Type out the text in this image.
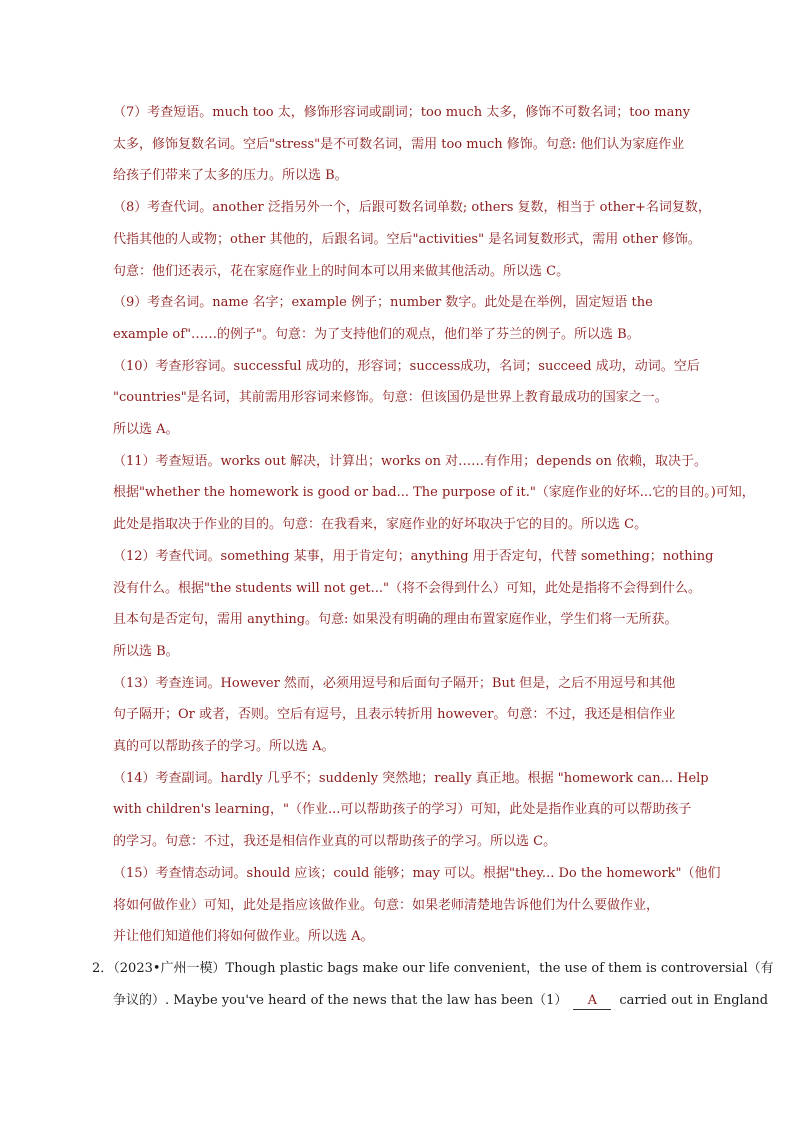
（7）考查短语。much too 太，修饰形容词或副词；too much 太多，修饰不可数名词；too many
太多，修饰复数名词。空后"stress"是不可数名词，需用 too much 修饰。句意: 他们认为家庭作业
给孩子们带来了太多的压力。所以选 B。
（8）考查代词。another 泛指另外一个，后跟可数名词单数; others 复数，相当于 other+名词复数，
代指其他的人或物；other 其他的，后跟名词。空后"activities" 是名词复数形式，需用 other 修饰。
句意：他们还表示，花在家庭作业上的时间本可以用来做其他活动。所以选 C。
（9）考查名词。name 名字；example 例子；number 数字。此处是在举例，固定短语 the
example of"……的例子"。句意：为了支持他们的观点，他们举了芬兰的例子。所以选 B。
（10）考查形容词。successful 成功的，形容词；success成功，名词；succeed 成功，动词。空后
"countries"是名词，其前需用形容词来修饰。句意：但该国仍是世界上教育最成功的国家之一。
所以选 A。
（11）考查短语。works out 解决，计算出；works on 对……有作用；depends on 依赖，取决于。
根据"whether the homework is good or bad... The purpose of it."（家庭作业的好坏...它的目的。)可知，
此处是指取决于作业的目的。句意：在我看来，家庭作业的好坏取决于它的目的。所以选 C。
（12）考查代词。something 某事，用于肯定句；anything 用于否定句，代替 something；nothing
没有什么。根据"the students will not get..."（将不会得到什么）可知，此处是指将不会得到什么。
且本句是否定句，需用 anything。句意: 如果没有明确的理由布置家庭作业，学生们将一无所获。
所以选 B。
（13）考查连词。However 然而，必须用逗号和后面句子隔开；But 但是，之后不用逗号和其他
句子隔开；Or 或者，否则。空后有逗号，且表示转折用 however。句意：不过，我还是相信作业
真的可以帮助孩子的学习。所以选 A。
（14）考查副词。hardly 几乎不；suddenly 突然地；really 真正地。根据 "homework can... Help
with children's learning，"（作业...可以帮助孩子的学习）可知，此处是指作业真的可以帮助孩子
的学习。句意：不过，我还是相信作业真的可以帮助孩子的学习。所以选 C。
（15）考查情态动词。should 应该；could 能够；may 可以。根据"they... Do the homework"（他们
将如何做作业）可知，此处是指应该做作业。句意：如果老师清楚地告诉他们为什么要做作业，
并让他们知道他们将如何做作业。所以选 A。
2．（2023•广州一模）Though plastic bags make our life convenient，the use of them is controversial（有
争议的）. Maybe you've heard of the news that the law has been（1） A carried out in England
